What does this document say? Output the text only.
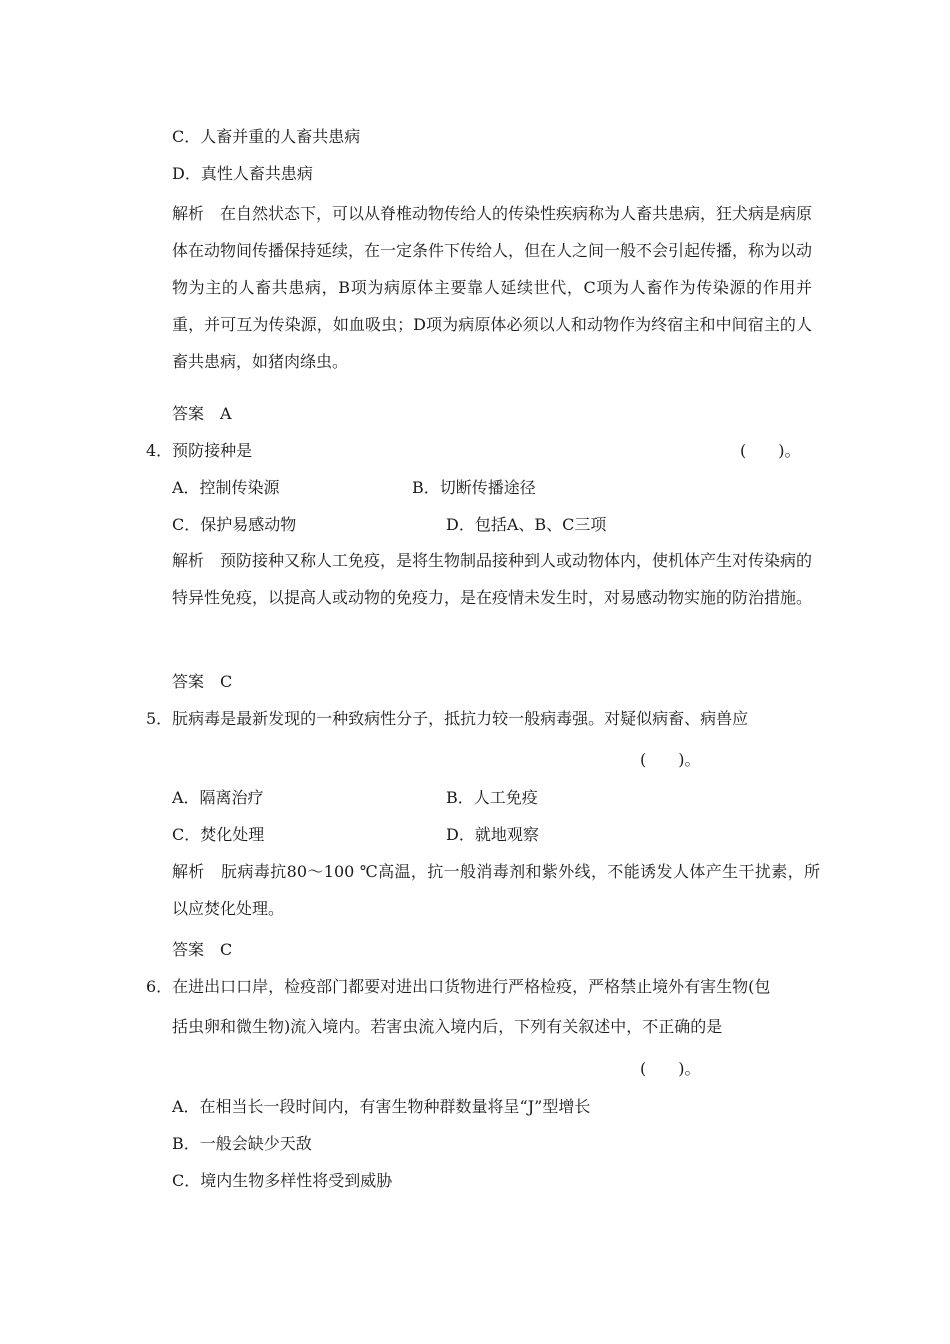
C．人畜并重的人畜共患病
D．真性人畜共患病
解析　在自然状态下，可以从脊椎动物传给人的传染性疾病称为人畜共患病，狂犬病是病原体在动物间传播保持延续，在一定条件下传给人，但在人之间一般不会引起传播，称为以动物为主的人畜共患病，B项为病原体主要靠人延续世代，C项为人畜作为传染源的作用并重，并可互为传染源，如血吸虫；D项为病原体必须以人和动物作为终宿主和中间宿主的人畜共患病，如猪肉绦虫。
答案　A
4．预防接种是	(　　)。
A．控制传染源	B．切断传播途径
C．保护易感动物	D．包括A、B、C三项
解析　预防接种又称人工免疫，是将生物制品接种到人或动物体内，使机体产生对传染病的特异性免疫，以提高人或动物的免疫力，是在疫情未发生时，对易感动物实施的防治措施。
答案　C
5．朊病毒是最新发现的一种致病性分子，抵抗力较一般病毒强。对疑似病畜、病兽应
(　　)。
A．隔离治疗	B．人工免疫
C．焚化处理	D．就地观察
解析　朊病毒抗80～100 ℃高温，抗一般消毒剂和紫外线，不能诱发人体产生干扰素，所以应焚化处理。
答案　C
6．在进出口口岸，检疫部门都要对进出口货物进行严格检疫，严格禁止境外有害生物(包
括虫卵和微生物)流入境内。若害虫流入境内后，下列有关叙述中，不正确的是
(　　)。
A．在相当长一段时间内，有害生物种群数量将呈“J”型增长
B．一般会缺少天敌
C．境内生物多样性将受到威胁
